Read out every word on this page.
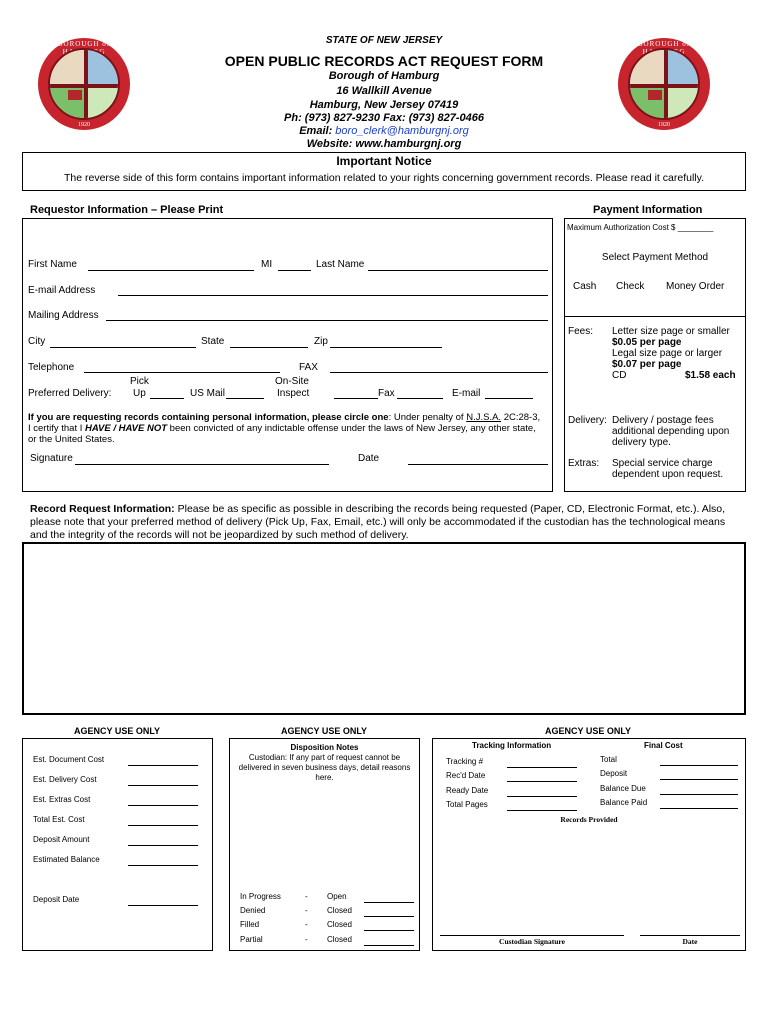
BOROUGH of
1920
BOROUGH of
1920
STATE OF NEW JERSEY
OPEN PUBLIC RECORDS ACT REQUEST FORM
Borough of Hamburg
16 Wallkill Avenue
Hamburg, New Jersey 07419
Ph: (973) 827-9230 Fax: (973) 827-0466
Email: boro_clerk@hamburgnj.org
Website: www.hamburgnj.org
Important Notice
The reverse side of this form contains important information related to your rights concerning government records. Please read it carefully.
Requestor Information – Please Print	Payment Information
First Name	MI	Last Name
E-mail Address
Mailing Address
City	State	Zip
Telephone	FAX
Preferred Delivery:
Pick
Up	US Mail
On-Site
Inspect	Fax	E-mail
If you are requesting records containing personal information, please circle one: Under penalty of N.J.S.A. 2C:28-3, I certify that I HAVE / HAVE NOT been convicted of any indictable offense under the laws of New Jersey, any other state, or the United States.
Signature	Date
Maximum Authorization Cost $ ________
Select Payment Method
Cash Check Money Order
Fees: Letter size page or smaller
$0.05 per page
Legal size page or larger
$0.07 per page
CD	$1.58 each
Delivery: Delivery / postage fees additional depending upon delivery type.
Extras: Special service charge dependent upon request.
Record Request Information: Please be as specific as possible in describing the records being requested (Paper, CD, Electronic Format, etc.). Also, please note that your preferred method of delivery (Pick Up, Fax, Email, etc.) will only be accommodated if the custodian has the technological means and the integrity of the records will not be jeopardized by such method of delivery.
AGENCY USE ONLY	AGENCY USE ONLY	AGENCY USE ONLY
Est. Document Cost
Est. Delivery Cost
Est. Extras Cost
Total Est. Cost
Deposit Amount
Estimated Balance
Deposit Date
Disposition Notes
Custodian: If any part of request cannot be delivered in seven business days, detail reasons here.
In Progress	- Open
Denied	- Closed
Filled	- Closed
Partial	- Closed
Tracking Information	Final Cost
Tracking #
Rec'd Date
Ready Date
Total Pages
Total
Deposit
Balance Due
Balance Paid
Records Provided
Custodian Signature	Date
